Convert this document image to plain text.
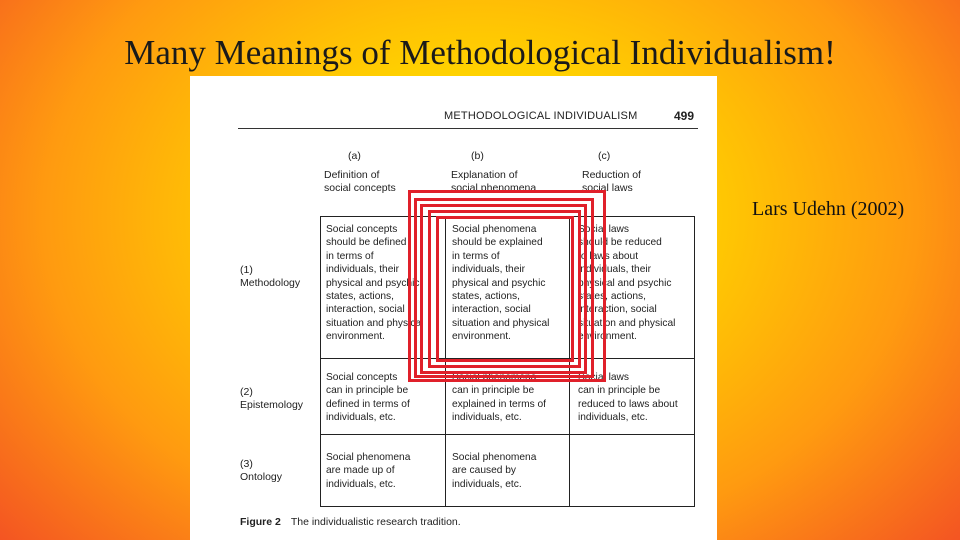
Many Meanings of Methodological Individualism!
Lars Udehn (2002)
METHODOLOGICAL INDIVIDUALISM	499
(a)
Definition of
social concepts
(b)
Explanation of
social phenomena
(c)
Reduction of
social laws
(1)
Methodology
(2)
Epistemology
(3)
Ontology
Social concepts
should be defined
in terms of
individuals, their
physical and psychic
states, actions,
interaction, social
situation and physical
environment.
Social phenomena
should be explained
in terms of
individuals, their
physical and psychic
states, actions,
interaction, social
situation and physical
environment.
Social laws
should be reduced
to laws about
individuals, their
physical and psychic
states, actions,
interaction, social
situation and physical
environment.
Social concepts
can in principle be
defined in terms of
individuals, etc.
Social phenomena
can in principle be
explained in terms of
individuals, etc.
Social laws
can in principle be
reduced to laws about
individuals, etc.
Social phenomena
are made up of
individuals, etc.
Social phenomena
are caused by
individuals, etc.
Figure 2 The individualistic research tradition.
